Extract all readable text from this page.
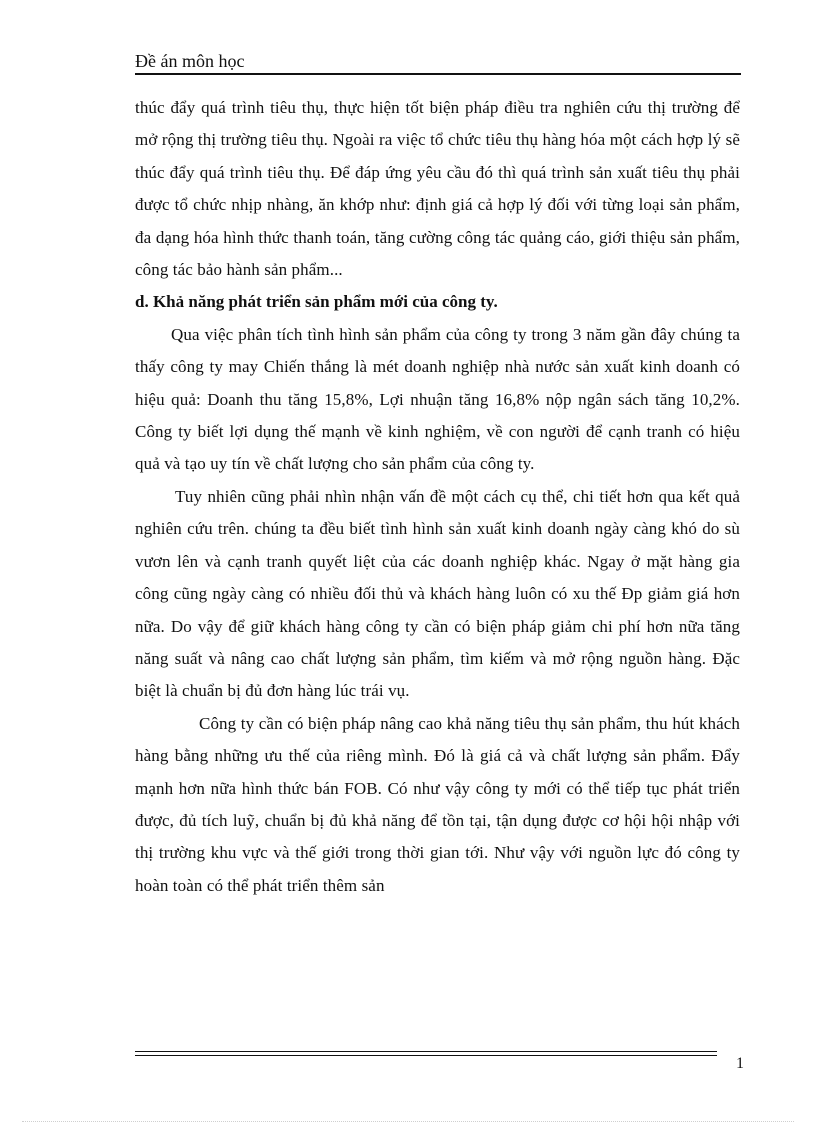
Đề án môn học

thúc đẩy quá trình tiêu thụ, thực hiện tốt biện pháp điều tra nghiên cứu thị trường để mở rộng thị trường tiêu thụ. Ngoài ra việc tổ chức tiêu thụ hàng hóa một cách hợp lý sẽ thúc đẩy quá trình tiêu thụ. Để đáp ứng yêu cầu đó thì quá trình sản xuất tiêu thụ phải được tổ chức nhịp nhàng, ăn khớp như: định giá cả hợp lý đối với từng loại sản phẩm, đa dạng hóa hình thức thanh toán, tăng cường công tác quảng cáo, giới thiệu sản phẩm, công tác bảo hành sản phẩm...

d. Khả năng phát triển sản phẩm mới của công ty.

Qua việc phân tích tình hình sản phẩm của công ty trong 3 năm gần đây chúng ta thấy công ty may Chiến thắng là mét doanh nghiệp nhà nước sản xuất kinh doanh có hiệu quả: Doanh thu tăng 15,8%, Lợi nhuận tăng 16,8% nộp ngân sách tăng 10,2%. Công ty biết lợi dụng thế mạnh về kinh nghiệm, về con người để cạnh tranh có hiệu quả và tạo uy tín về chất lượng cho sản phẩm của công ty.

Tuy nhiên cũng phải nhìn nhận vấn đề một cách cụ thể, chi tiết hơn qua kết quả nghiên cứu trên. chúng ta đều biết tình hình sản xuất kinh doanh ngày càng khó do sù vươn lên và cạnh tranh quyết liệt của các doanh nghiệp khác. Ngay ở mặt hàng gia công cũng ngày càng có nhiều đối thủ và khách hàng luôn có xu thế Ðp giảm giá hơn nữa. Do vậy để giữ khách hàng công ty cần có biện pháp giảm chi phí hơn nữa tăng năng suất và nâng cao chất lượng sản phẩm, tìm kiếm và mở rộng nguồn hàng. Đặc biệt là chuẩn bị đủ đơn hàng lúc trái vụ.

Công ty cần có biện pháp nâng cao khả năng tiêu thụ sản phẩm, thu hút khách hàng bằng những ưu thế của riêng mình. Đó là giá cả và chất lượng sản phẩm. Đẩy mạnh hơn nữa hình thức bán FOB. Có như vậy công ty mới có thể tiếp tục phát triển được, đủ tích luỹ, chuẩn bị đủ khả năng để tồn tại, tận dụng được cơ hội hội nhập với thị trường khu vực và thế giới trong thời gian tới. Như vậy với nguồn lực đó công ty hoàn toàn có thể phát triển thêm sản

1
